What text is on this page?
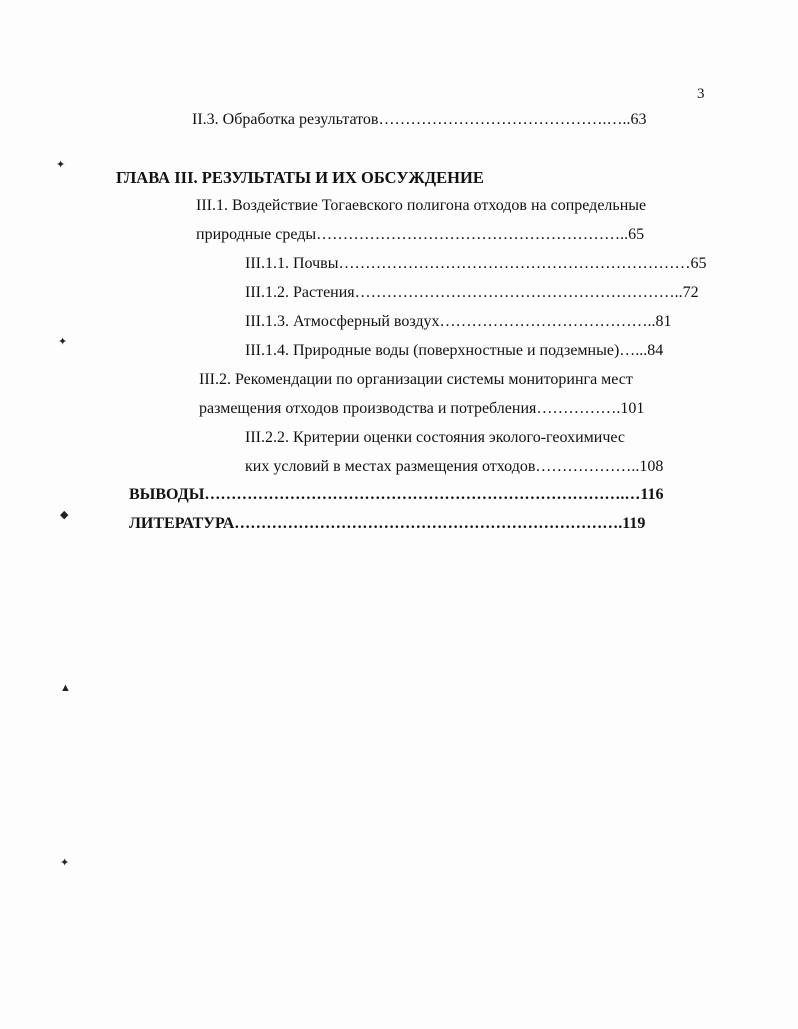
3
II.3. Обработка результатов…………………………………….…..63
ГЛАВА III. РЕЗУЛЬТАТЫ И ИХ ОБСУЖДЕНИЕ
III.1. Воздействие Тогаевского полигона отходов на сопредельные
природные среды…………………………………………………..65
III.1.1. Почвы…………………………………………………………65
III.1.2. Растения……………………………………………………..72
III.1.3. Атмосферный воздух…………………………………..81
III.1.4. Природные воды (поверхностные и подземные)…...84
III.2. Рекомендации по организации системы мониторинга мест
размещения отходов производства и потребления…………….101
III.2.2. Критерии оценки состояния эколого-геохимичес
ких условий в местах размещения отходов………………..108
ВЫВОДЫ…………………………………………………………………….…116
ЛИТЕРАТУРА……………………………………………………………….119
✦
✦
◆
▲
✦
